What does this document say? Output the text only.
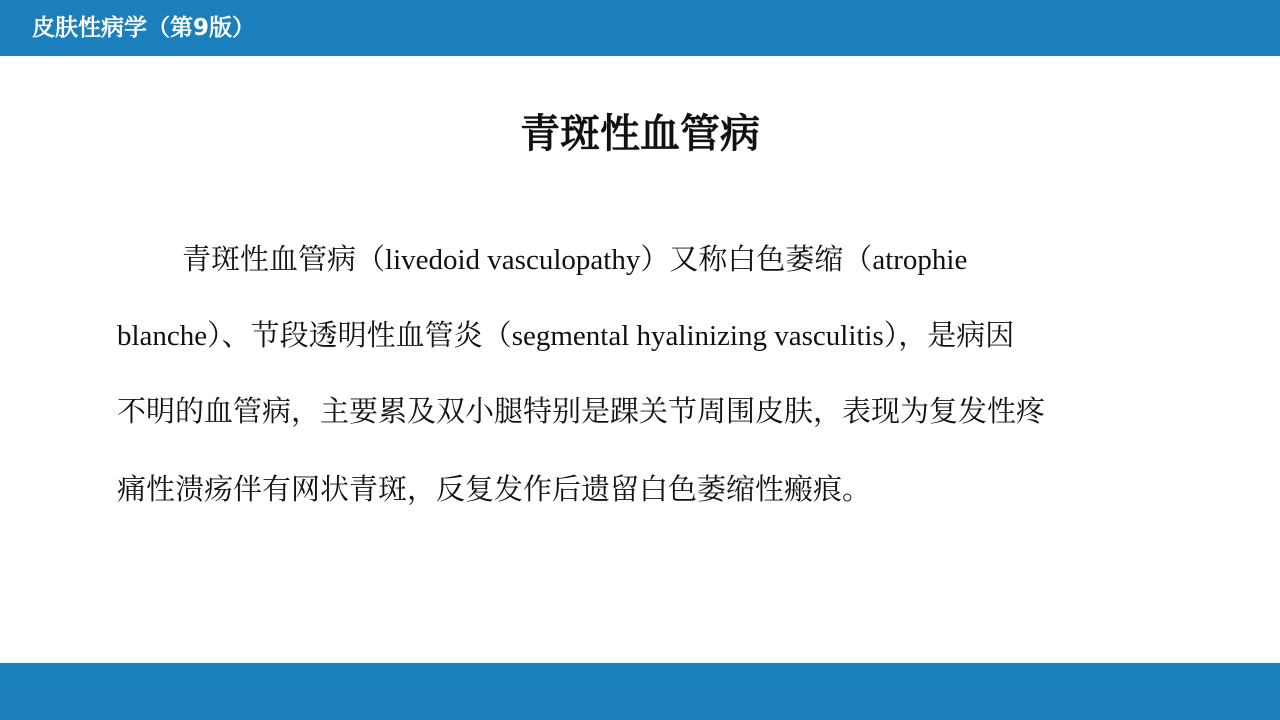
皮肤性病学（第9版）
青斑性血管病
青斑性血管病（livedoid vasculopathy）又称白色萎缩（atrophie
blanche）、节段透明性血管炎（segmental hyalinizing vasculitis），是病因
不明的血管病，主要累及双小腿特别是踝关节周围皮肤，表现为复发性疼
痛性溃疡伴有网状青斑，反复发作后遗留白色萎缩性瘢痕。
